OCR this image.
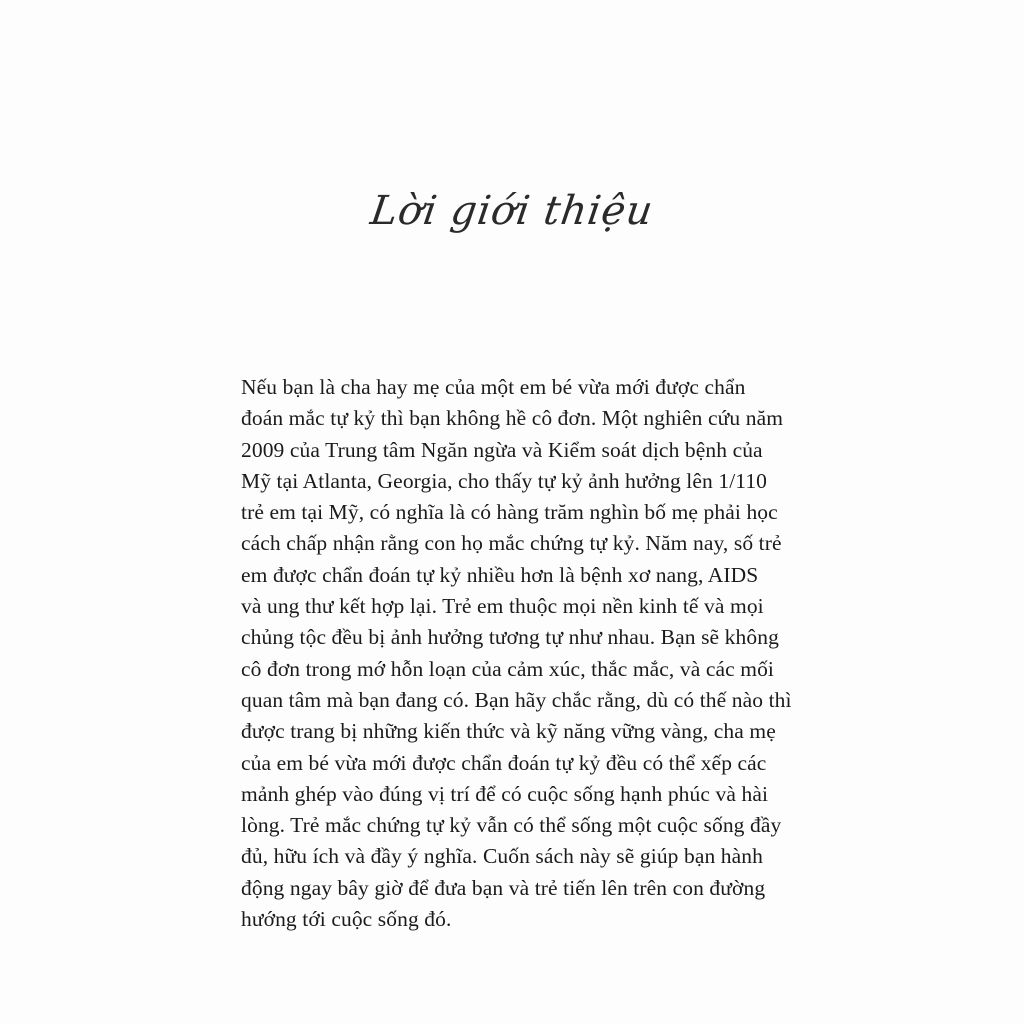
Lời giới thiệu
Nếu bạn là cha hay mẹ của một em bé vừa mới được chẩn
đoán mắc tự kỷ thì bạn không hề cô đơn. Một nghiên cứu năm
2009 của Trung tâm Ngăn ngừa và Kiểm soát dịch bệnh của
Mỹ tại Atlanta, Georgia, cho thấy tự kỷ ảnh hưởng lên 1/110
trẻ em tại Mỹ, có nghĩa là có hàng trăm nghìn bố mẹ phải học
cách chấp nhận rằng con họ mắc chứng tự kỷ. Năm nay, số trẻ
em được chẩn đoán tự kỷ nhiều hơn là bệnh xơ nang, AIDS
và ung thư kết hợp lại. Trẻ em thuộc mọi nền kinh tế và mọi
chủng tộc đều bị ảnh hưởng tương tự như nhau. Bạn sẽ không
cô đơn trong mớ hỗn loạn của cảm xúc, thắc mắc, và các mối
quan tâm mà bạn đang có. Bạn hãy chắc rằng, dù có thế nào thì
được trang bị những kiến thức và kỹ năng vững vàng, cha mẹ
của em bé vừa mới được chẩn đoán tự kỷ đều có thể xếp các
mảnh ghép vào đúng vị trí để có cuộc sống hạnh phúc và hài
lòng. Trẻ mắc chứng tự kỷ vẫn có thể sống một cuộc sống đầy
đủ, hữu ích và đầy ý nghĩa. Cuốn sách này sẽ giúp bạn hành
động ngay bây giờ để đưa bạn và trẻ tiến lên trên con đường
hướng tới cuộc sống đó.
